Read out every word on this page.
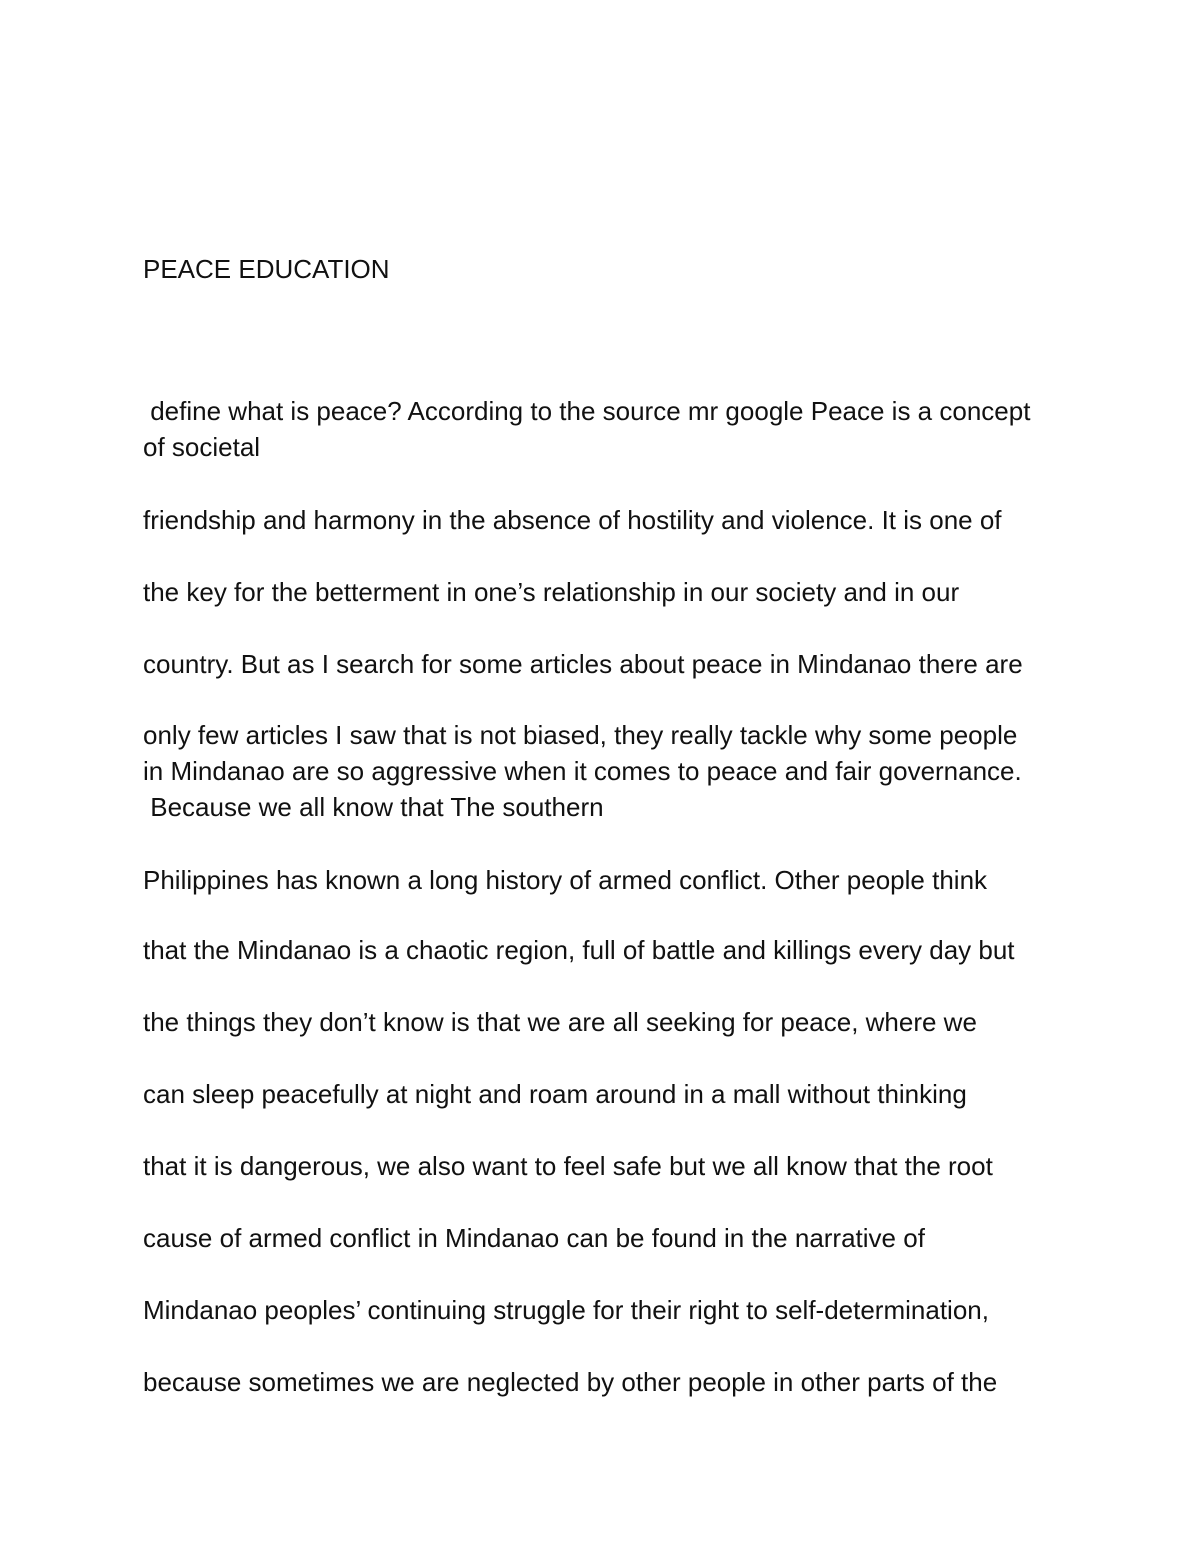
PEACE EDUCATION
define what is peace? According to the source mr google Peace is a concept
of societal
friendship and harmony in the absence of hostility and violence. It is one of
the key for the betterment in one’s relationship in our society and in our
country. But as I search for some articles about peace in Mindanao there are
only few articles I saw that is not biased, they really tackle why some people
in Mindanao are so aggressive when it comes to peace and fair governance.
Because we all know that The southern
Philippines has known a long history of armed conflict. Other people think
that the Mindanao is a chaotic region, full of battle and killings every day but
the things they don’t know is that we are all seeking for peace, where we
can sleep peacefully at night and roam around in a mall without thinking
that it is dangerous, we also want to feel safe but we all know that the root
cause of armed conflict in Mindanao can be found in the narrative of
Mindanao peoples’ continuing struggle for their right to self-determination,
because sometimes we are neglected by other people in other parts of the
